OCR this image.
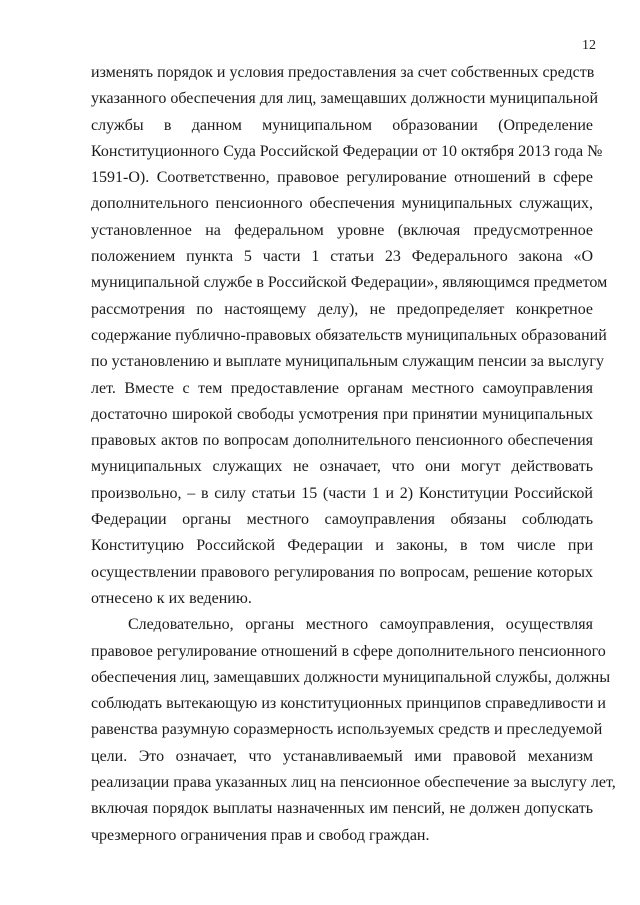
12
изменять порядок и условия предоставления за счет собственных средств
указанного обеспечения для лиц, замещавших должности муниципальной
службы в данном муниципальном образовании (Определение
Конституционного Суда Российской Федерации от 10 октября 2013 года №
1591-О). Соответственно, правовое регулирование отношений в сфере
дополнительного пенсионного обеспечения муниципальных служащих,
установленное на федеральном уровне (включая предусмотренное
положением пункта 5 части 1 статьи 23 Федерального закона «О
муниципальной службе в Российской Федерации», являющимся предметом
рассмотрения по настоящему делу), не предопределяет конкретное
содержание публично-правовых обязательств муниципальных образований
по установлению и выплате муниципальным служащим пенсии за выслугу
лет. Вместе с тем предоставление органам местного самоуправления
достаточно широкой свободы усмотрения при принятии муниципальных
правовых актов по вопросам дополнительного пенсионного обеспечения
муниципальных служащих не означает, что они могут действовать
произвольно, – в силу статьи 15 (части 1 и 2) Конституции Российской
Федерации органы местного самоуправления обязаны соблюдать
Конституцию Российской Федерации и законы, в том числе при
осуществлении правового регулирования по вопросам, решение которых
отнесено к их ведению.
Следовательно, органы местного самоуправления, осуществляя
правовое регулирование отношений в сфере дополнительного пенсионного
обеспечения лиц, замещавших должности муниципальной службы, должны
соблюдать вытекающую из конституционных принципов справедливости и
равенства разумную соразмерность используемых средств и преследуемой
цели. Это означает, что устанавливаемый ими правовой механизм
реализации права указанных лиц на пенсионное обеспечение за выслугу лет,
включая порядок выплаты назначенных им пенсий, не должен допускать
чрезмерного ограничения прав и свобод граждан.
